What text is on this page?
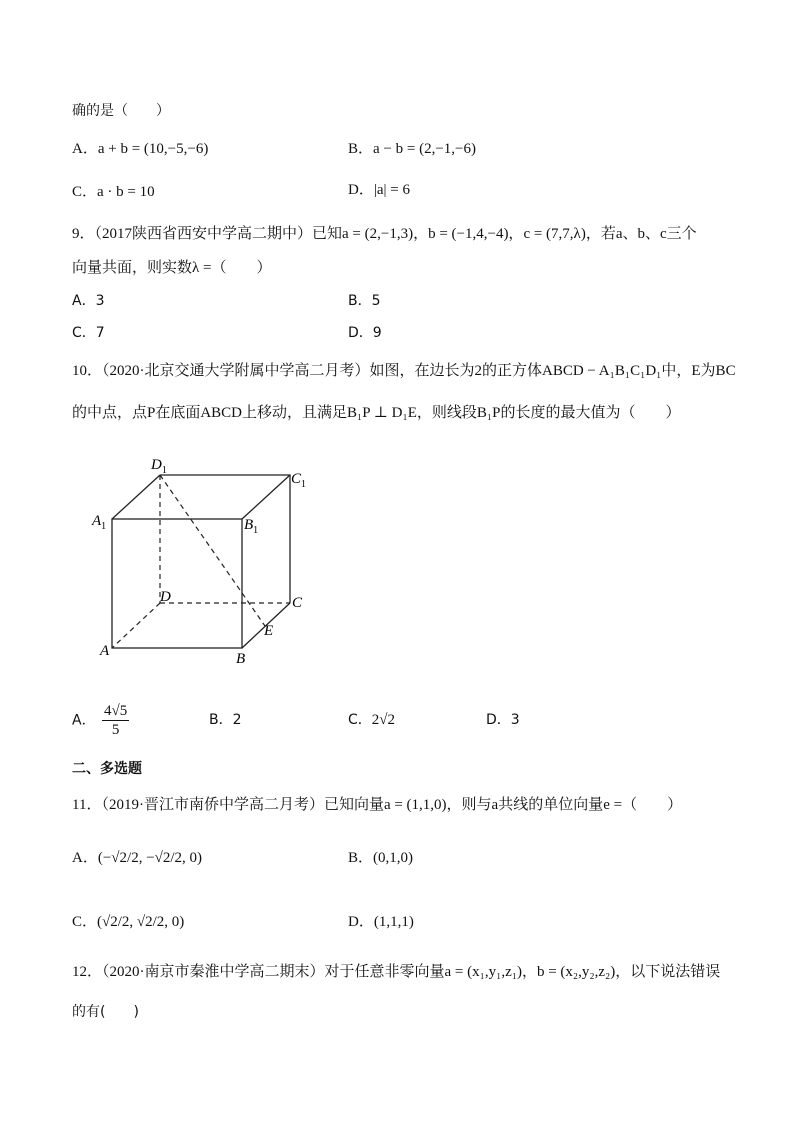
确的是（　　）
A．a + b = (10,−5,−6)	B．a − b = (2,−1,−6)
C．a · b = 10	D．|a| = 6
9．（2017陕西省西安中学高二期中）已知a = (2,−1,3)，b = (−1,4,−4)，c = (7,7,λ)，若a、b、c三个
向量共面，则实数λ =（　　）
A．3	B．5
C．7	D．9
10．（2020·北京交通大学附属中学高二月考）如图，在边长为2的正方体ABCD − A₁B₁C₁D₁中，E为BC
的中点，点P在底面ABCD上移动，且满足B₁P ⊥ D₁E，则线段B₁P的长度的最大值为（　　）
$D_1$
$C_1$
$A_1$	$B_1$
D	C
A	B
E
A． $\frac{4√5}{5}$	B．2	C．2√2	D．3
二、多选题
11．（2019·晋江市南侨中学高二月考）已知向量a = (1,1,0)，则与a共线的单位向量e =（　　）
A．(−√2/2, −√2/2, 0)	B．(0,1,0)
C．(√2/2, √2/2, 0)	D．(1,1,1)
12．（2020·南京市秦淮中学高二期末）对于任意非零向量a = (x₁,y₁,z₁)，b = (x₂,y₂,z₂)，以下说法错误
的有(　　)
